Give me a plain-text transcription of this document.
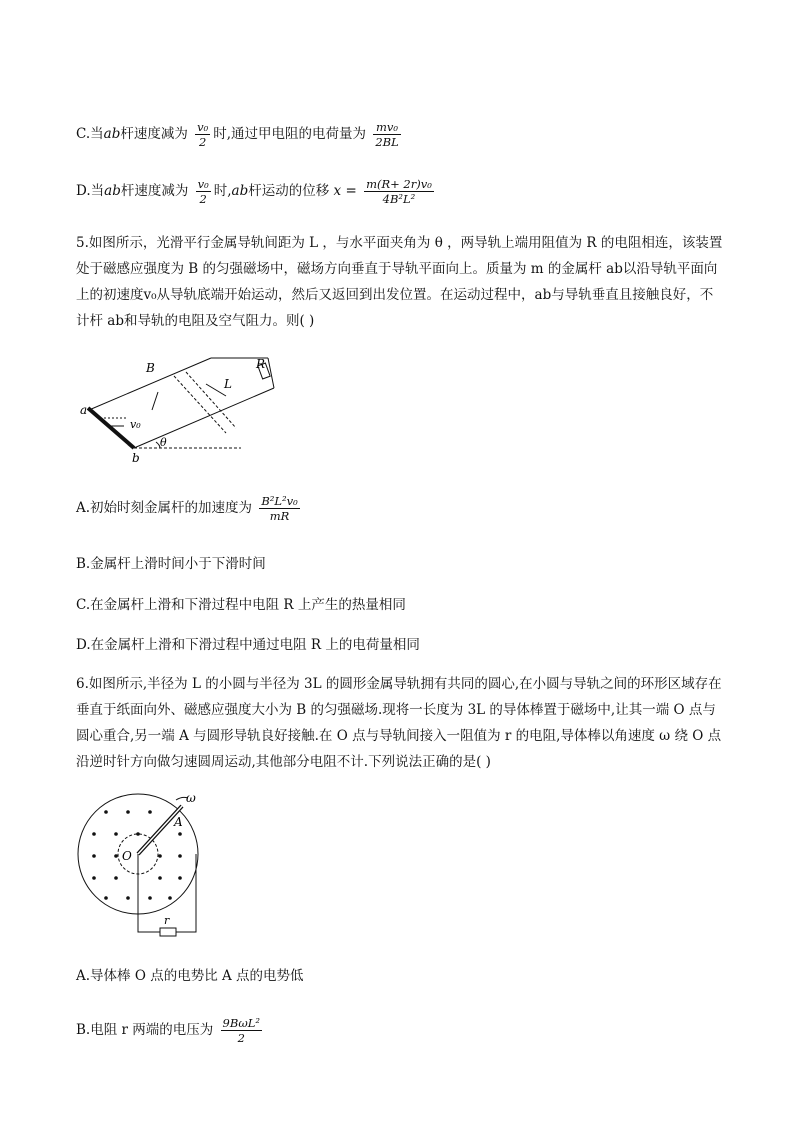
C.当ab杆速度减为 $\frac{\text{v₀}}{2}$ 时,通过甲电阻的电荷量为 $\frac{\text{mv₀}}{2BL}$
D.当ab杆速度减为 $\frac{\text{v₀}}{2}$ 时,ab杆运动的位移 $x = \frac{\text{m(R+ 2r)v₀}}{\text{4B²L²}}$
5.如图所示，光滑平行金属导轨间距为 L ，与水平面夹角为 θ ，两导轨上端用阻值为 R 的电阻相连，该装置处于磁感应强度为 B 的匀强磁场中，磁场方向垂直于导轨平面向上。质量为 m 的金属杆 ab以沿导轨平面向上的初速度v₀从导轨底端开始运动，然后又返回到出发位置。在运动过程中，ab与导轨垂直且接触良好，不计杆 ab和导轨的电阻及空气阻力。则( )
B	R
L
a
v₀
θ
b
A.初始时刻金属杆的加速度为 $\frac{\text{B²L²v₀}}{mR}$
B.金属杆上滑时间小于下滑时间
C.在金属杆上滑和下滑过程中电阻 R 上产生的热量相同
D.在金属杆上滑和下滑过程中通过电阻 R 上的电荷量相同
6.如图所示,半径为 L 的小圆与半径为 3L 的圆形金属导轨拥有共同的圆心,在小圆与导轨之间的环形区域存在垂直于纸面向外、磁感应强度大小为 B 的匀强磁场.现将一长度为 3L 的导体棒置于磁场中,让其一端 O 点与圆心重合,另一端 A 与圆形导轨良好接触.在 O 点与导轨间接入一阻值为 r 的电阻,导体棒以角速度 ω 绕 O 点沿逆时针方向做匀速圆周运动,其他部分电阻不计.下列说法正确的是( )
ω
A
O
r
A.导体棒 O 点的电势比 A 点的电势低
B.电阻 r 两端的电压为 $\frac{\text{9BωL²}}{2}$
